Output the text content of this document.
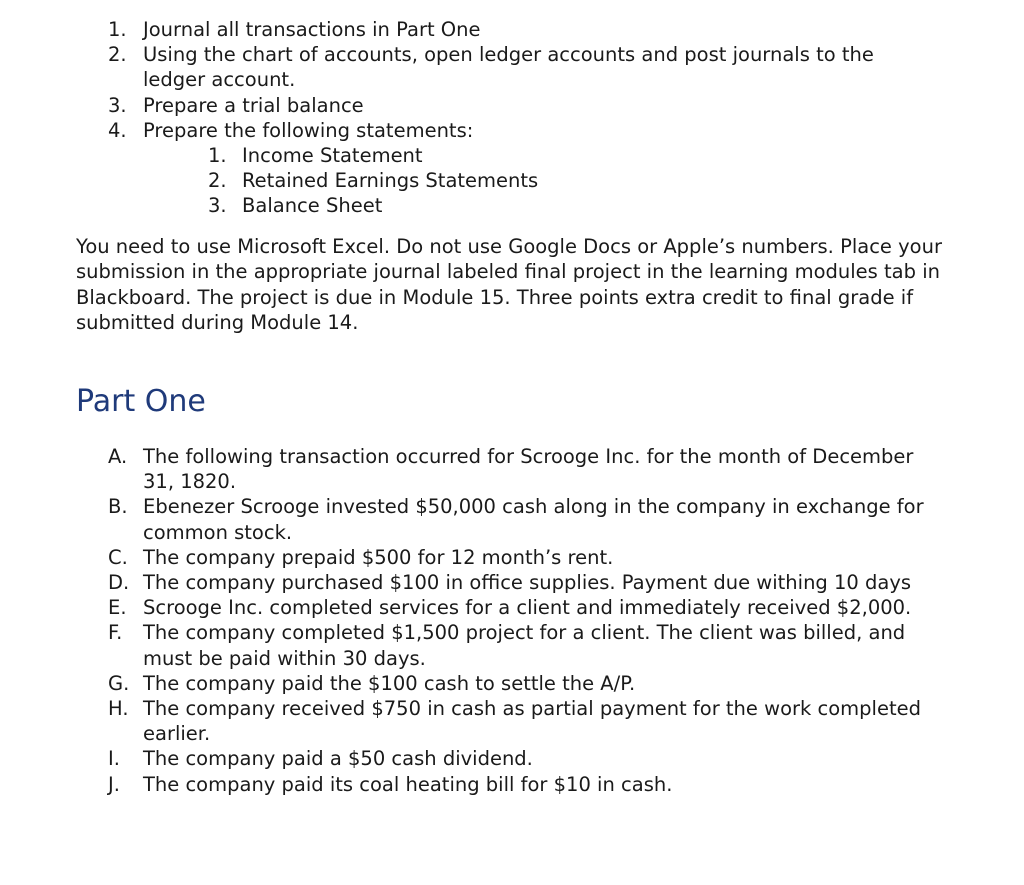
1. Journal all transactions in Part One
2. Using the chart of accounts, open ledger accounts and post journals to the ledger account.
3. Prepare a trial balance
4. Prepare the following statements:
1. Income Statement
2. Retained Earnings Statements
3. Balance Sheet

You need to use Microsoft Excel. Do not use Google Docs or Apple’s numbers. Place your submission in the appropriate journal labeled final project in the learning modules tab in Blackboard. The project is due in Module 15. Three points extra credit to final grade if submitted during Module 14.

Part One
A. The following transaction occurred for Scrooge Inc. for the month of December 31, 1820.
B. Ebenezer Scrooge invested $50,000 cash along in the company in exchange for common stock.
C. The company prepaid $500 for 12 month’s rent.
D. The company purchased $100 in office supplies. Payment due withing 10 days
E. Scrooge Inc. completed services for a client and immediately received $2,000.
F.	The company completed $1,500 project for a client. The client was billed, and must be paid within 30 days.
G. The company paid the $100 cash to settle the A/P.
H. The company received $750 in cash as partial payment for the work completed earlier.
I.	The company paid a $50 cash dividend.
J.	The company paid its coal heating bill for $10 in cash.
